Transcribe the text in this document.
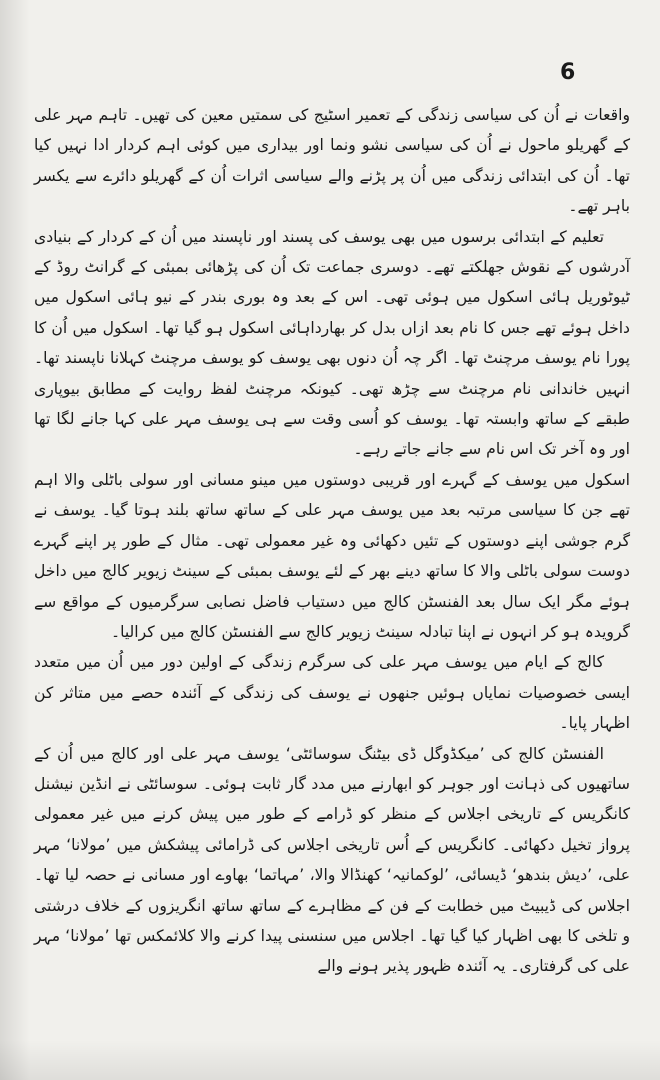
6

واقعات نے اُن کی سیاسی زندگی کے تعمیر اسٹیج کی سمتیں معین کی تھیں۔ تاہم مہر علی کے گھریلو ماحول نے اُن کی سیاسی نشو ونما اور بیداری میں کوئی اہم کردار ادا نہیں کیا تھا۔ اُن کی ابتدائی زندگی میں اُن پر پڑنے والے سیاسی اثرات اُن کے گھریلو دائرے سے یکسر باہر تھے۔

تعلیم کے ابتدائی برسوں میں بھی یوسف کی پسند اور ناپسند میں اُن کے کردار کے بنیادی آدرشوں کے نقوش جھلکتے تھے۔ دوسری جماعت تک اُن کی پڑھائی بمبئی کے گرانٹ روڈ کے ٹیوٹوریل ہائی اسکول میں ہوئی تھی۔ اس کے بعد وہ بوری بندر کے نیو ہائی اسکول میں داخل ہوئے تھے جس کا نام بعد ازاں بدل کر بھارداہائی اسکول ہو گیا تھا۔ اسکول میں اُن کا پورا نام یوسف مرچنٹ تھا۔ اگر چہ اُن دنوں بھی یوسف کو یوسف مرچنٹ کہلانا ناپسند تھا۔ انہیں خاندانی نام مرچنٹ سے چڑھ تھی۔ کیونکہ مرچنٹ لفظ روایت کے مطابق بیوپاری طبقے کے ساتھ وابستہ تھا۔ یوسف کو اُسی وقت سے ہی یوسف مہر علی کہا جانے لگا تھا اور وہ آخر تک اس نام سے جانے جاتے رہے۔

اسکول میں یوسف کے گہرے اور قریبی دوستوں میں مینو مسانی اور سولی باٹلی والا اہم تھے جن کا سیاسی مرتبہ بعد میں یوسف مہر علی کے ساتھ ساتھ بلند ہوتا گیا۔ یوسف نے گرم جوشی اپنے دوستوں کے تئیں دکھائی وہ غیر معمولی تھی۔ مثال کے طور پر اپنے گہرے دوست سولی باٹلی والا کا ساتھ دینے بھر کے لئے یوسف بمبئی کے سینٹ زیویر کالج میں داخل ہوئے مگر ایک سال بعد الفنسٹن کالج میں دستیاب فاضل نصابی سرگرمیوں کے مواقع سے گرویدہ ہو کر انہوں نے اپنا تبادلہ سینٹ زیویر کالج سے الفنسٹن کالج میں کرالیا۔

کالج کے ایام میں یوسف مہر علی کی سرگرم زندگی کے اولین دور میں اُن میں متعدد ایسی خصوصیات نمایاں ہوئیں جنھوں نے یوسف کی زندگی کے آئندہ حصے میں متاثر کن اظہار پایا۔

الفنسٹن کالج کی ’میکڈوگل ڈی بیٹنگ سوسائٹی‘ یوسف مہر علی اور کالج میں اُن کے ساتھیوں کی ذہانت اور جوہر کو ابھارنے میں مدد گار ثابت ہوئی۔ سوسائٹی نے انڈین نیشنل کانگریس کے تاریخی اجلاس کے منظر کو ڈرامے کے طور میں پیش کرنے میں غیر معمولی پرواز تخیل دکھائی۔ کانگریس کے اُس تاریخی اجلاس کی ڈرامائی پیشکش میں ’مولانا‘ مہر علی، ’دیش بندھو‘ ڈیسائی، ’لوکمانیہ‘ کھنڈالا والا، ’مہاتما‘ بھاوے اور مسانی نے حصہ لیا تھا۔ اجلاس کی ڈیبیٹ میں خطابت کے فن کے مظاہرے کے ساتھ ساتھ انگریزوں کے خلاف درشتی و تلخی کا بھی اظہار کیا گیا تھا۔ اجلاس میں سنسنی پیدا کرنے والا کلائمکس تھا ’مولانا‘ مہر علی کی گرفتاری۔ یہ آئندہ ظہور پذیر ہونے والے
